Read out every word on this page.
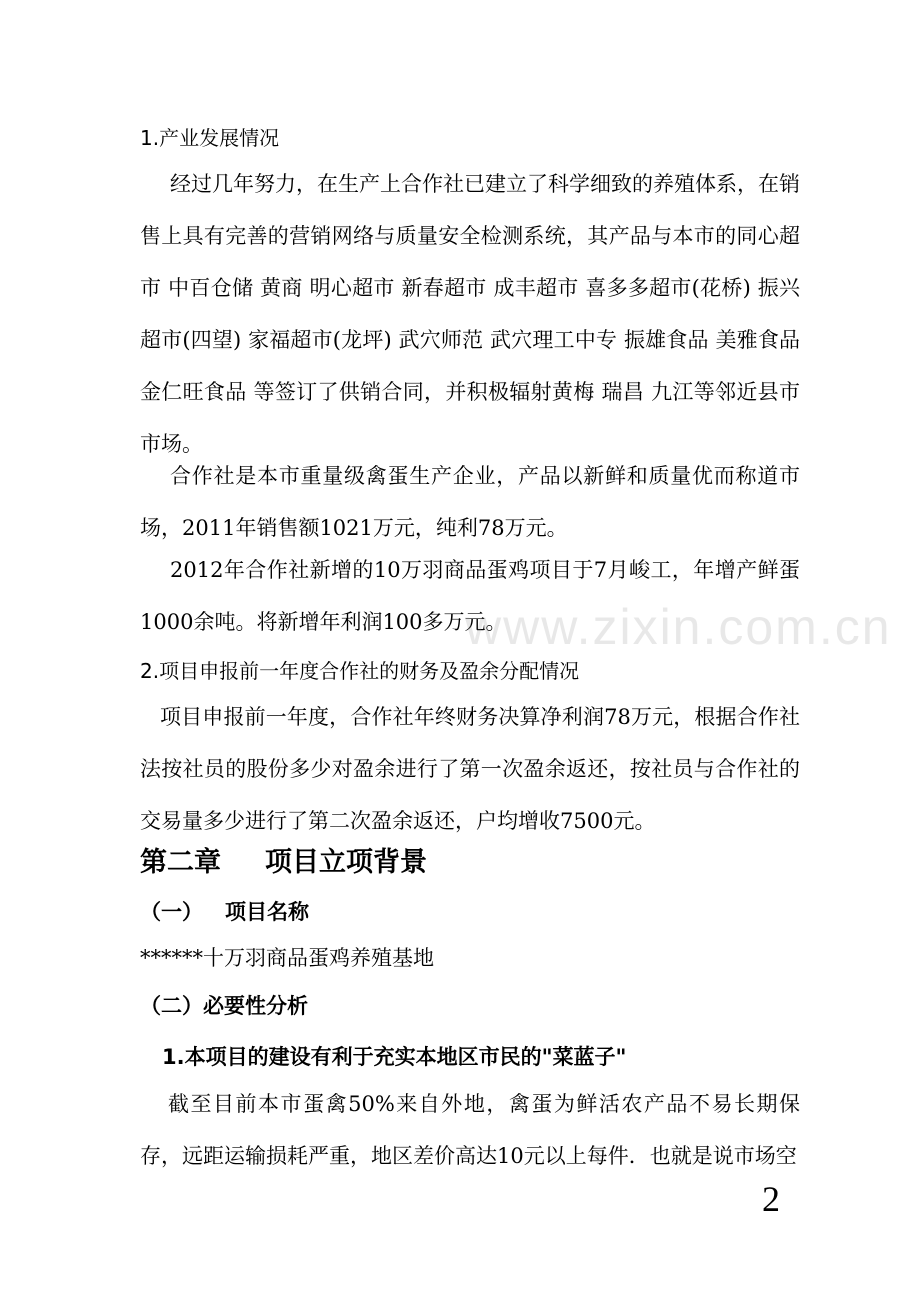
1.产业发展情况
经过几年努力，在生产上合作社已建立了科学细致的养殖体系，在销售上具有完善的营销网络与质量安全检测系统，其产品与本市的同心超市 中百仓储 黄商 明心超市 新春超市 成丰超市 喜多多超市(花桥) 振兴超市(四望) 家福超市(龙坪) 武穴师范 武穴理工中专 振雄食品 美雅食品 金仁旺食品 等签订了供销合同，并积极辐射黄梅 瑞昌 九江等邻近县市市场。
合作社是本市重量级禽蛋生产企业，产品以新鲜和质量优而称道市场，2011年销售额1021万元，纯利78万元。
2012年合作社新增的10万羽商品蛋鸡项目于7月峻工，年增产鲜蛋1000余吨。将新增年利润100多万元。
2.项目申报前一年度合作社的财务及盈余分配情况
项目申报前一年度，合作社年终财务决算净利润78万元，根据合作社法按社员的股份多少对盈余进行了第一次盈余返还，按社员与合作社的交易量多少进行了第二次盈余返还，户均增收7500元。
第二章 项目立项背景
（一） 项目名称
******十万羽商品蛋鸡养殖基地
（二）必要性分析
1.本项目的建设有利于充实本地区市民的"菜蓝子"
截至目前本市蛋禽50%来自外地，禽蛋为鲜活农产品不易长期保存，远距运输损耗严重，地区差价高达10元以上每件．也就是说市场空
www.zixin.com.cn
2
